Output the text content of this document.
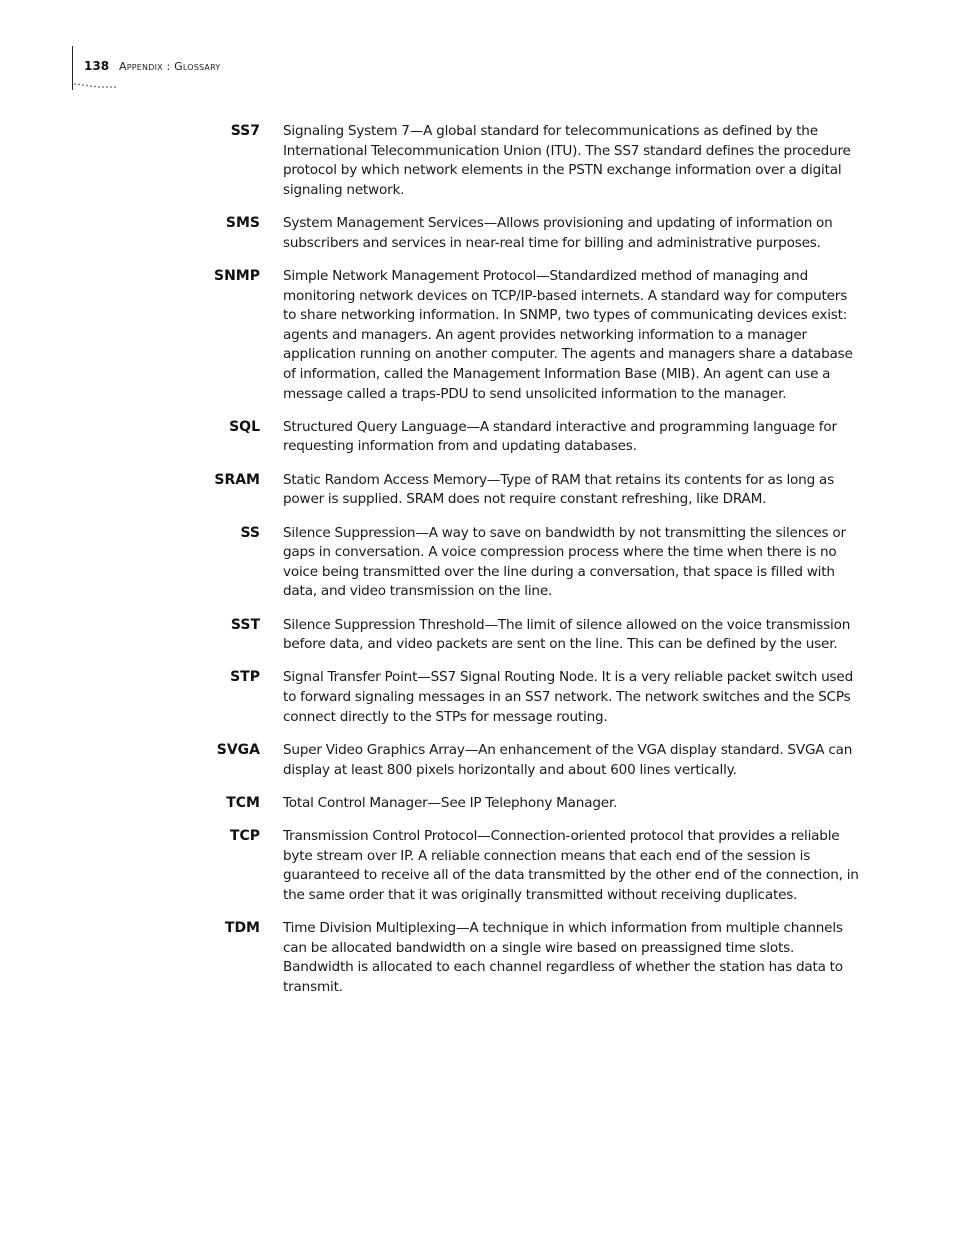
138 Appendix : Glossary
SS7 Signaling System 7—A global standard for telecommunications as defined by the International Telecommunication Union (ITU). The SS7 standard defines the procedure protocol by which network elements in the PSTN exchange information over a digital signaling network.
SMS System Management Services—Allows provisioning and updating of information on subscribers and services in near-real time for billing and administrative purposes.
SNMP Simple Network Management Protocol—Standardized method of managing and monitoring network devices on TCP/IP-based internets. A standard way for computers to share networking information. In SNMP, two types of communicating devices exist: agents and managers. An agent provides networking information to a manager application running on another computer. The agents and managers share a database of information, called the Management Information Base (MIB). An agent can use a message called a traps-PDU to send unsolicited information to the manager.
SQL Structured Query Language—A standard interactive and programming language for requesting information from and updating databases.
SRAM Static Random Access Memory—Type of RAM that retains its contents for as long as power is supplied. SRAM does not require constant refreshing, like DRAM.
SS Silence Suppression—A way to save on bandwidth by not transmitting the silences or gaps in conversation. A voice compression process where the time when there is no voice being transmitted over the line during a conversation, that space is filled with data, and video transmission on the line.
SST Silence Suppression Threshold—The limit of silence allowed on the voice transmission before data, and video packets are sent on the line. This can be defined by the user.
STP Signal Transfer Point—SS7 Signal Routing Node. It is a very reliable packet switch used to forward signaling messages in an SS7 network. The network switches and the SCPs connect directly to the STPs for message routing.
SVGA Super Video Graphics Array—An enhancement of the VGA display standard. SVGA can display at least 800 pixels horizontally and about 600 lines vertically.
TCM Total Control Manager—See IP Telephony Manager.
TCP Transmission Control Protocol—Connection-oriented protocol that provides a reliable byte stream over IP. A reliable connection means that each end of the session is guaranteed to receive all of the data transmitted by the other end of the connection, in the same order that it was originally transmitted without receiving duplicates.
TDM Time Division Multiplexing—A technique in which information from multiple channels can be allocated bandwidth on a single wire based on preassigned time slots. Bandwidth is allocated to each channel regardless of whether the station has data to transmit.
